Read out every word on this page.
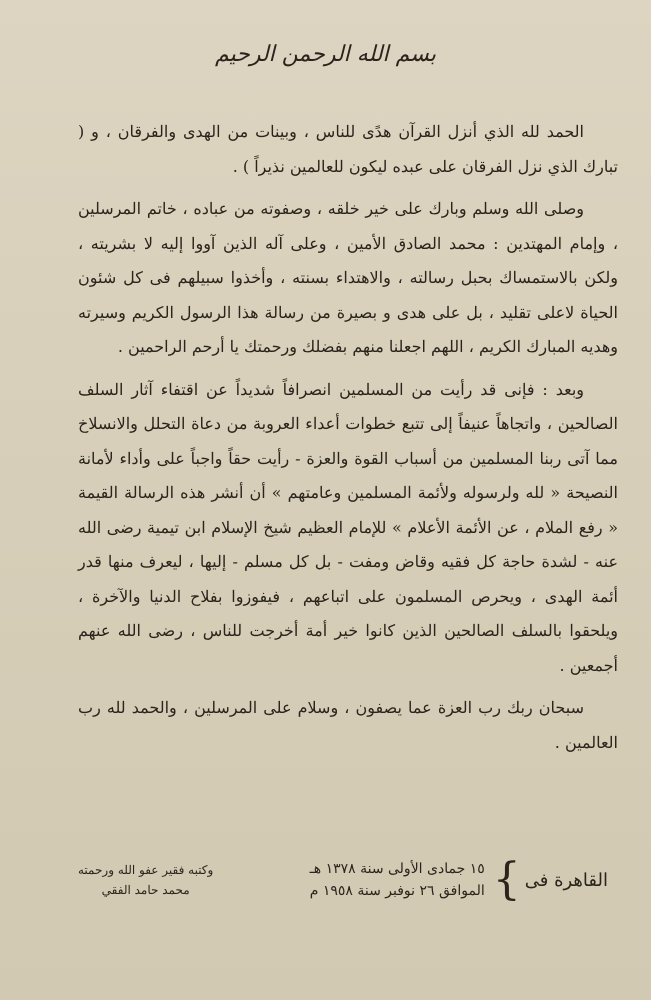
بسم الله الرحمن الرحيم

الحمد لله الذي أنزل القرآن هدًى للناس ، وبينات من الهدى والفرقان ، و ( تبارك الذي نزل الفرقان على عبده ليكون للعالمين نذيراً ) .

وصلى الله وسلم وبارك على خير خلقه ، وصفوته من عباده ، خاتم المرسلين ، وإمام المهتدين : محمد الصادق الأمين ، وعلى آله الذين آووا إليه لا بشريته ، ولكن بالاستمساك بحبل رسالته ، والاهتداء بسنته ، وأخذوا سبيلهم فى كل شئون الحياة لاعلى تقليد ، بل على هدى و بصيرة من رسالة هذا الرسول الكريم وسيرته وهديه المبارك الكريم ، اللهم اجعلنا منهم بفضلك ورحمتك يا أرحم الراحمين .

وبعد : فإنى قد رأيت من المسلمين انصرافاً شديداً عن اقتفاء آثار السلف الصالحين ، واتجاهاً عنيفاً إلى تتبع خطوات أعداء العروبة من دعاة التحلل والانسلاخ مما آتى ربنا المسلمين من أسباب القوة والعزة - رأيت حقاً واجباً على وأداء لأمانة النصيحة « لله ولرسوله ولأئمة المسلمين وعامتهم » أن أنشر هذه الرسالة القيمة « رفع الملام ، عن الأئمة الأعلام » للإمام العظيم شيخ الإسلام ابن تيمية رضى الله عنه - لشدة حاجة كل فقيه وقاض ومفت - بل كل مسلم - إليها ، ليعرف منها قدر أئمة الهدى ، ويحرص المسلمون على اتباعهم ، فيفوزوا بفلاح الدنيا والآخرة ، ويلحقوا بالسلف الصالحين الذين كانوا خير أمة أخرجت للناس ، رضى الله عنهم أجمعين .

سبحان ربك رب العزة عما يصفون ، وسلام على المرسلين ، والحمد لله رب العالمين .

القاهرة فى
}
١٥ جمادى الأولى سنة ١٣٧٨ هـ
الموافق ٢٦ نوفبر سنة ١٩٥٨ م
وكتبه فقير عفو الله ورحمته
محمد حامد الفقي
